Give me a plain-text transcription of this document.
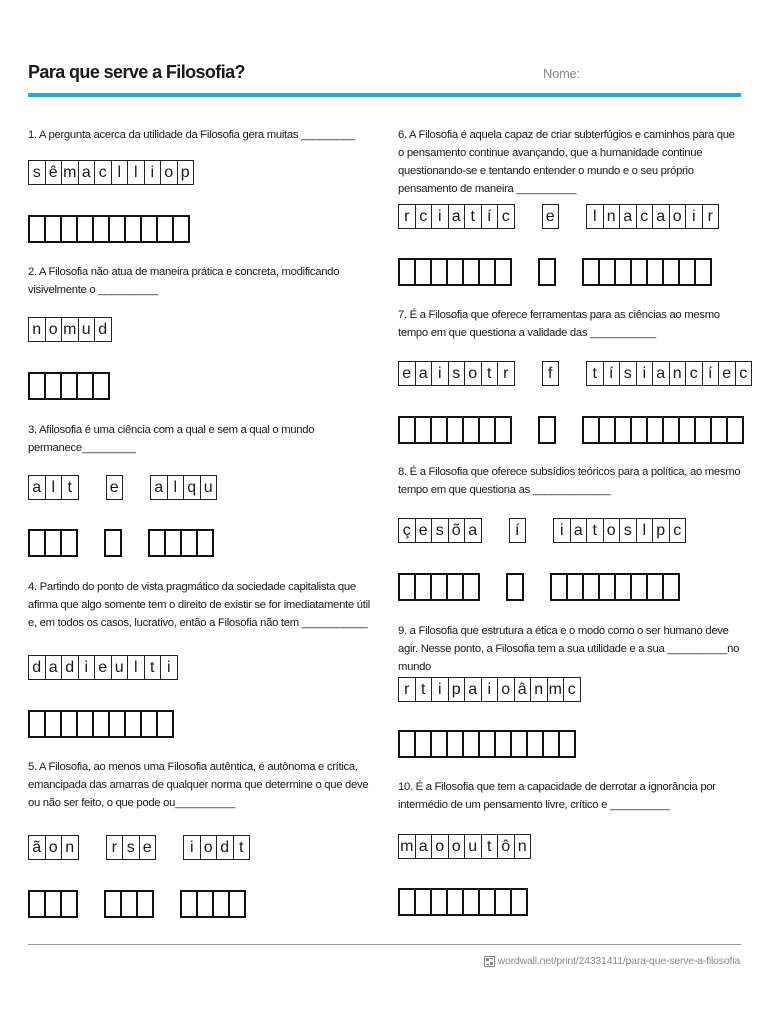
Para que serve a Filosofia?	Nome:
1. A pergunta acerca da utilidade da Filosofia gera muitas _________
s ê m a c l l i o p
2. A Filosofia não atua de maneira prática e concreta, modificando visivelmente o __________
n o m u d
3. Afilosofia é uma ciência com a qual e sem a qual o mundo permanece_________
a l t e a l q u
4. Partindo do ponto de vista pragmático da sociedade capitalista que afirma que algo somente tem o direito de existir se for imediatamente útil e, em todos os casos, lucrativo, então a Filosofia não tem ___________
d a d i e u l t i
5. A Filosofia, ao menos uma Filosofia autêntica, é autônoma e crítica, emancipada das amarras de qualquer norma que determine o que deve ou não ser feito, o que pode ou__________
ã o n r s e i o d t
6. A Filosofia é aquela capaz de criar subterfúgios e caminhos para que o pensamento continue avançando, que a humanidade continue questionando-se e tentando entender o mundo e o seu próprio pensamento de maneira __________
r c i a t í c e l n a c a o i r
7. É a Filosofia que oferece ferramentas para as ciências ao mesmo tempo em que questiona a validade das ___________
e a i s o t r f	t í s i a n c í e c
8. É a Filosofia que oferece subsídios teóricos para a política, ao mesmo tempo em que questiona as _____________
ç e s õ a í	i a t o s l p c
9. a Filosofia que estrutura a ética e o modo como o ser humano deve agir. Nesse ponto, a Filosofia tem a sua utilidade e a sua __________no mundo
r t i p a i o â n m c
10. É a Filosofia que tem a capacidade de derrotar a ignorância por intermédio de um pensamento livre, crítico e __________
m a o o u t ô n
wordwall.net/print/24331411/para-que-serve-a-filosofia
